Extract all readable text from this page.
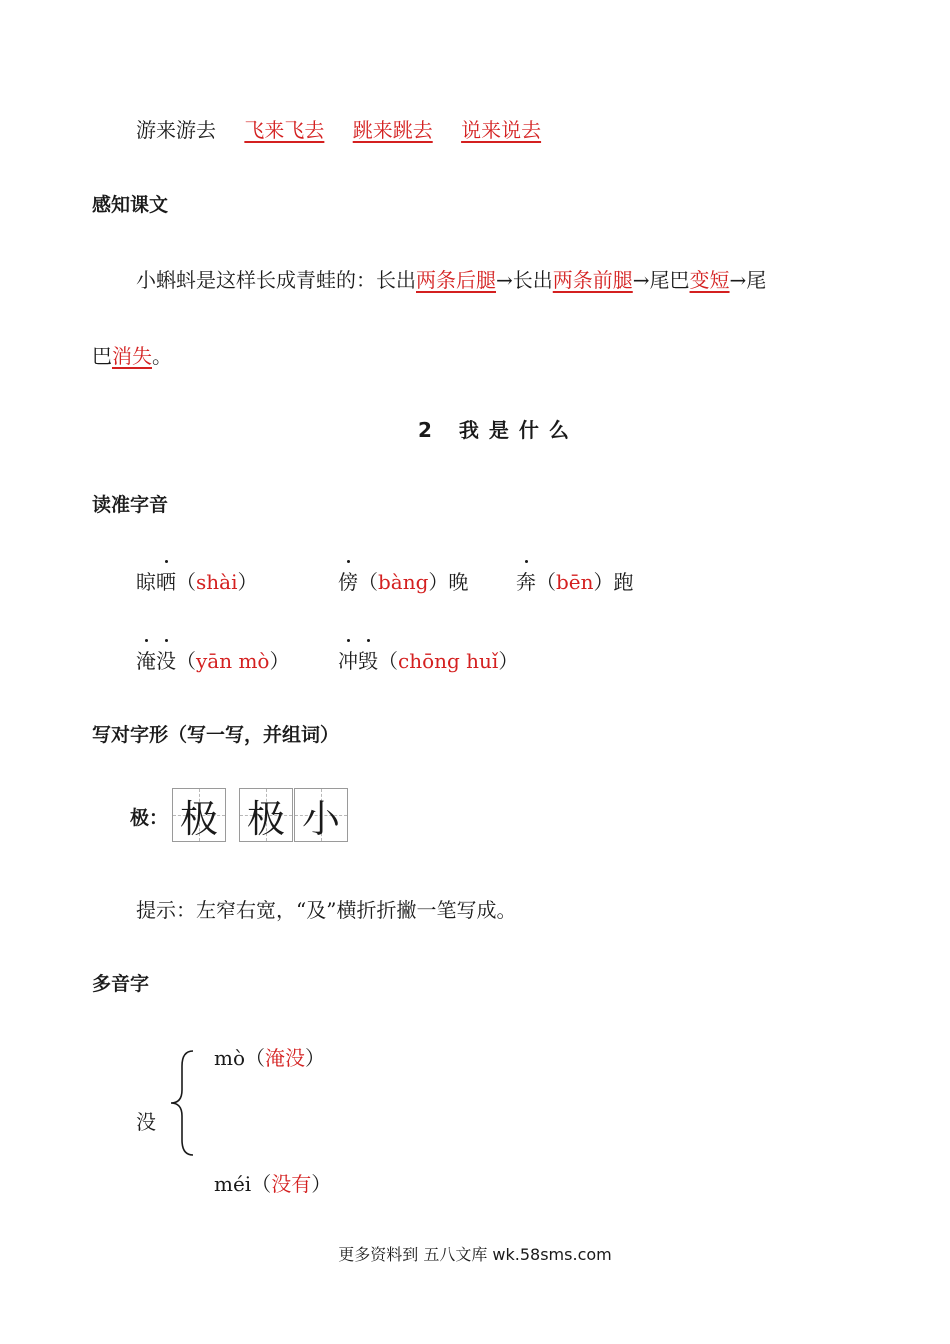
游来游去 飞来飞去 跳来跳去 说来说去
感知课文
小蝌蚪是这样长成青蛙的：长出两条后腿→长出两条前腿→尾巴变短→尾
巴消失。
2 我是什么
读准字音
晾晒（shài）	傍（bàng）晚 奔（bēn）跑
淹没（yān mò） 冲毁（chōng huǐ）
写对字形（写一写，并组词）
极： 极 极 小
提示：左窄右宽，“及”横折折撇一笔写成。
多音字
mò（淹没）
没
méi（没有）
更多资料到 五八文库 wk.58sms.com
